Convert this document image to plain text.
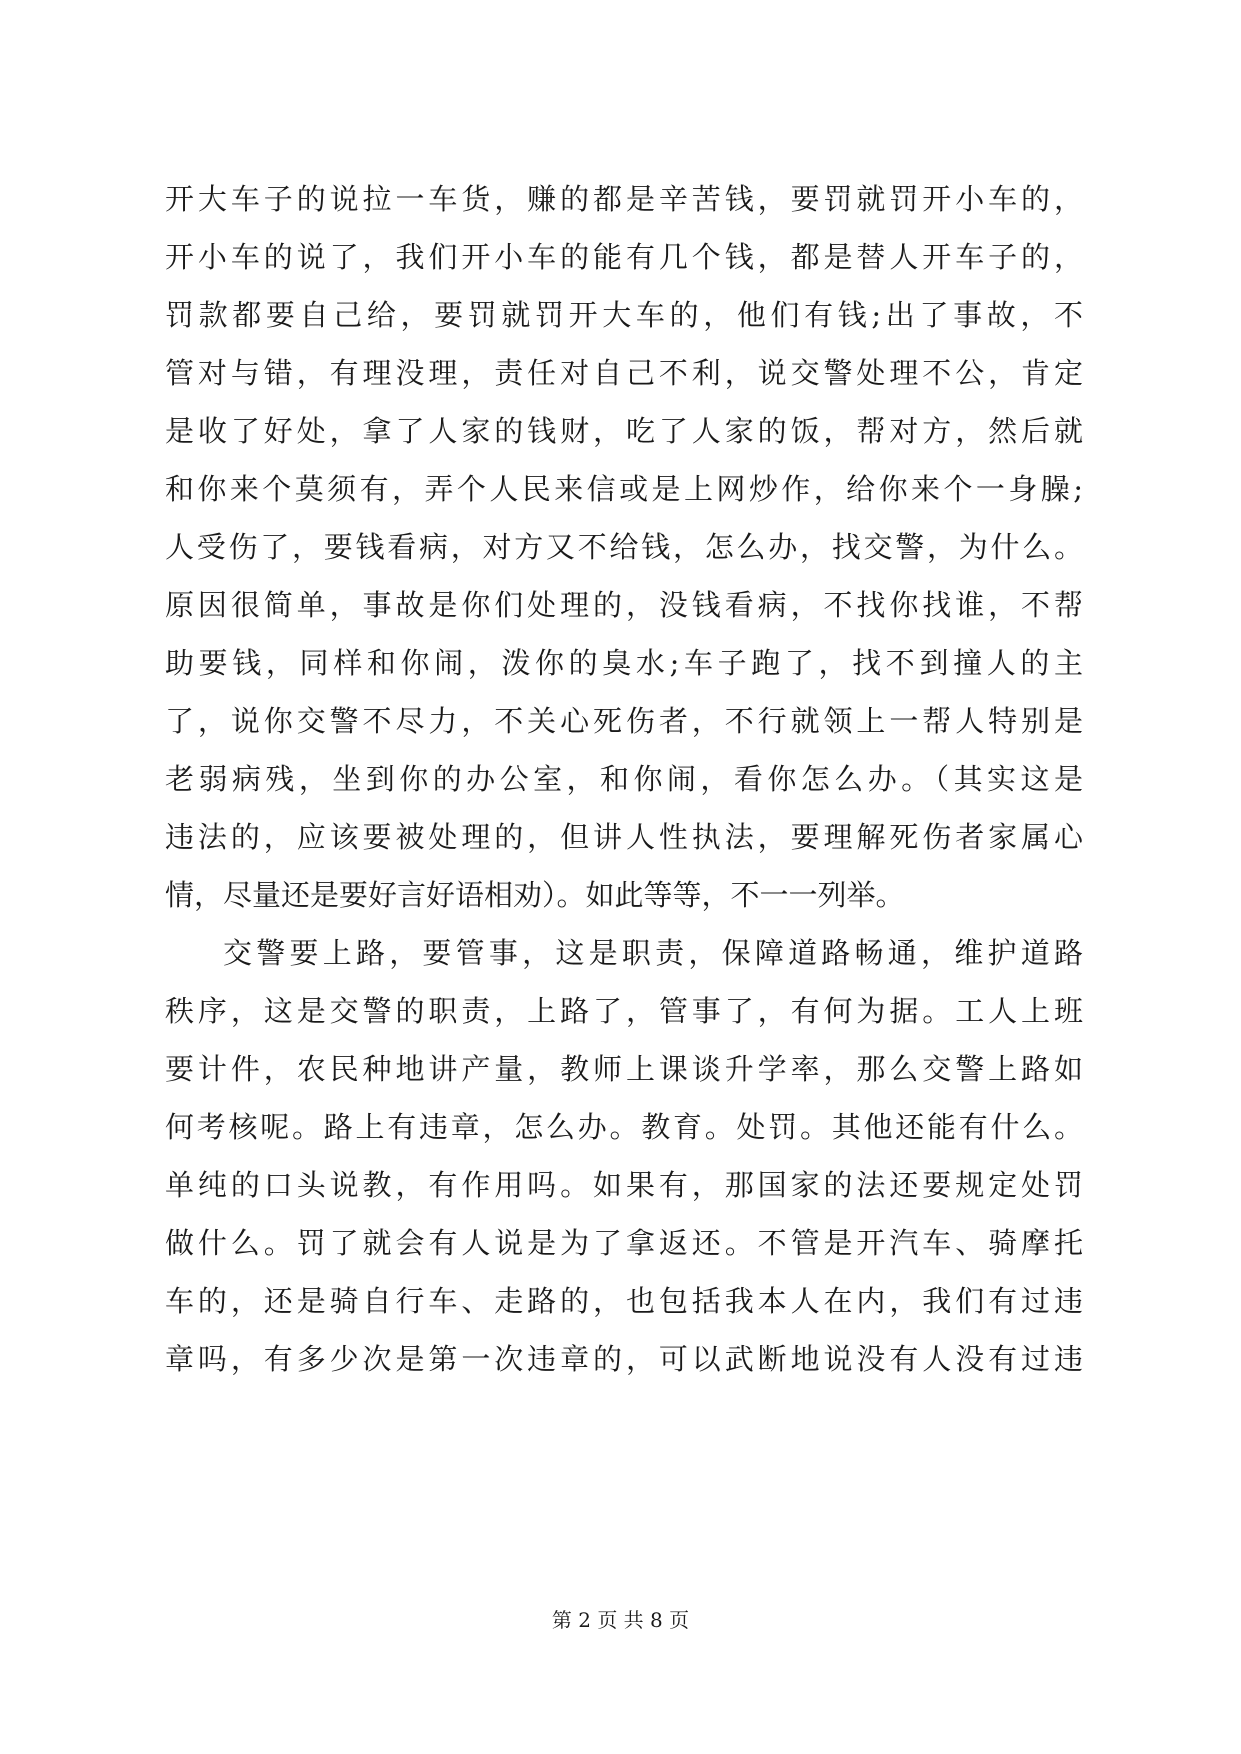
开大车子的说拉一车货，赚的都是辛苦钱，要罚就罚开小车的，
开小车的说了，我们开小车的能有几个钱，都是替人开车子的，
罚款都要自己给，要罚就罚开大车的，他们有钱;出了事故，不
管对与错，有理没理，责任对自己不利，说交警处理不公，肯定
是收了好处，拿了人家的钱财，吃了人家的饭，帮对方，然后就
和你来个莫须有，弄个人民来信或是上网炒作，给你来个一身臊;
人受伤了，要钱看病，对方又不给钱，怎么办，找交警，为什么。
原因很简单，事故是你们处理的，没钱看病，不找你找谁，不帮
助要钱，同样和你闹，泼你的臭水;车子跑了，找不到撞人的主
了，说你交警不尽力，不关心死伤者，不行就领上一帮人特别是
老弱病残，坐到你的办公室，和你闹，看你怎么办。（其实这是
违法的，应该要被处理的，但讲人性执法，要理解死伤者家属心
情，尽量还是要好言好语相劝）。如此等等，不一一列举。
交警要上路，要管事，这是职责，保障道路畅通，维护道路
秩序，这是交警的职责，上路了，管事了，有何为据。工人上班
要计件，农民种地讲产量，教师上课谈升学率，那么交警上路如
何考核呢。路上有违章，怎么办。教育。处罚。其他还能有什么。
单纯的口头说教，有作用吗。如果有，那国家的法还要规定处罚
做什么。罚了就会有人说是为了拿返还。不管是开汽车、骑摩托
车的，还是骑自行车、走路的，也包括我本人在内，我们有过违
章吗，有多少次是第一次违章的，可以武断地说没有人没有过违
第 2 页 共 8 页
